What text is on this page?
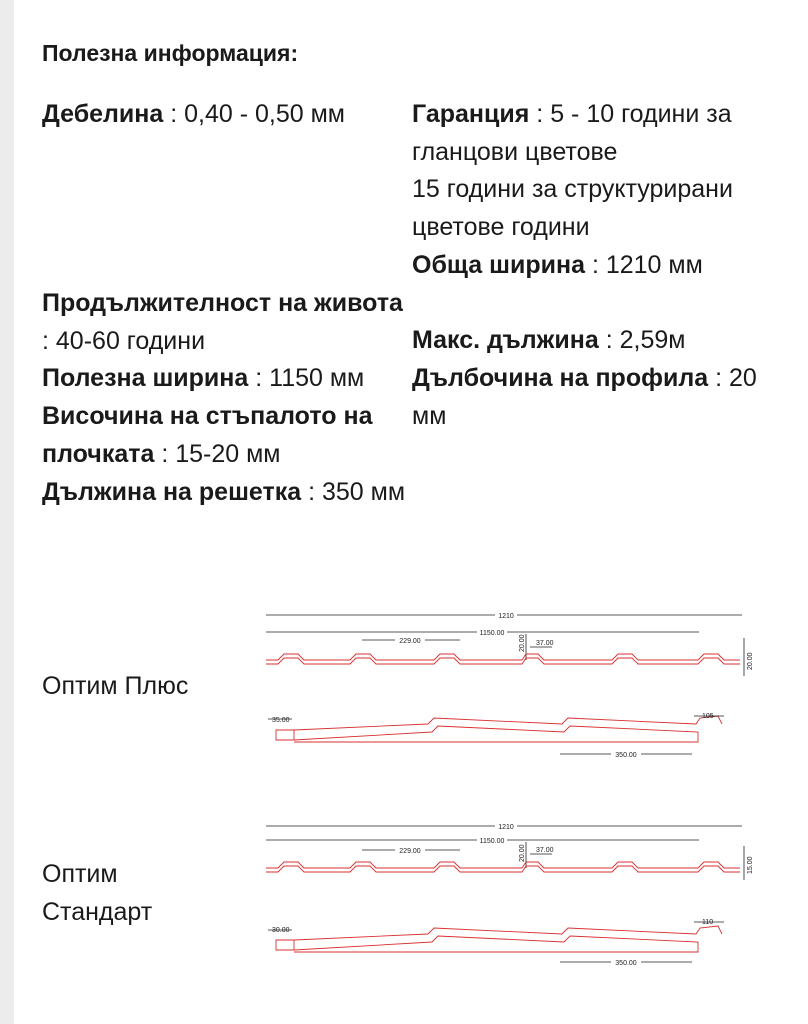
Полезна информация:

Дебелина : 0,40 - 0,50 мм

Продължителност на живота : 40-60 години

Полезна ширина : 1150 мм

Височина на стъпалото на плочката : 15-20 мм

Дължина на решетка : 350 мм

Гаранция : 5 - 10 години за гланцови цветове

15 години за структурирани цветове години

Обща ширина : 1210 мм

Макс. дължина : 2,59м

Дълбочина на профила : 20 мм

Оптим Плюс
1210
1150.00
229.00	20.00 37.00
20.00
35.00
105
350.00
Оптим Стандарт
1210
1150.00
229.00	20.00 37.00
15.00
30.00
110
350.00
